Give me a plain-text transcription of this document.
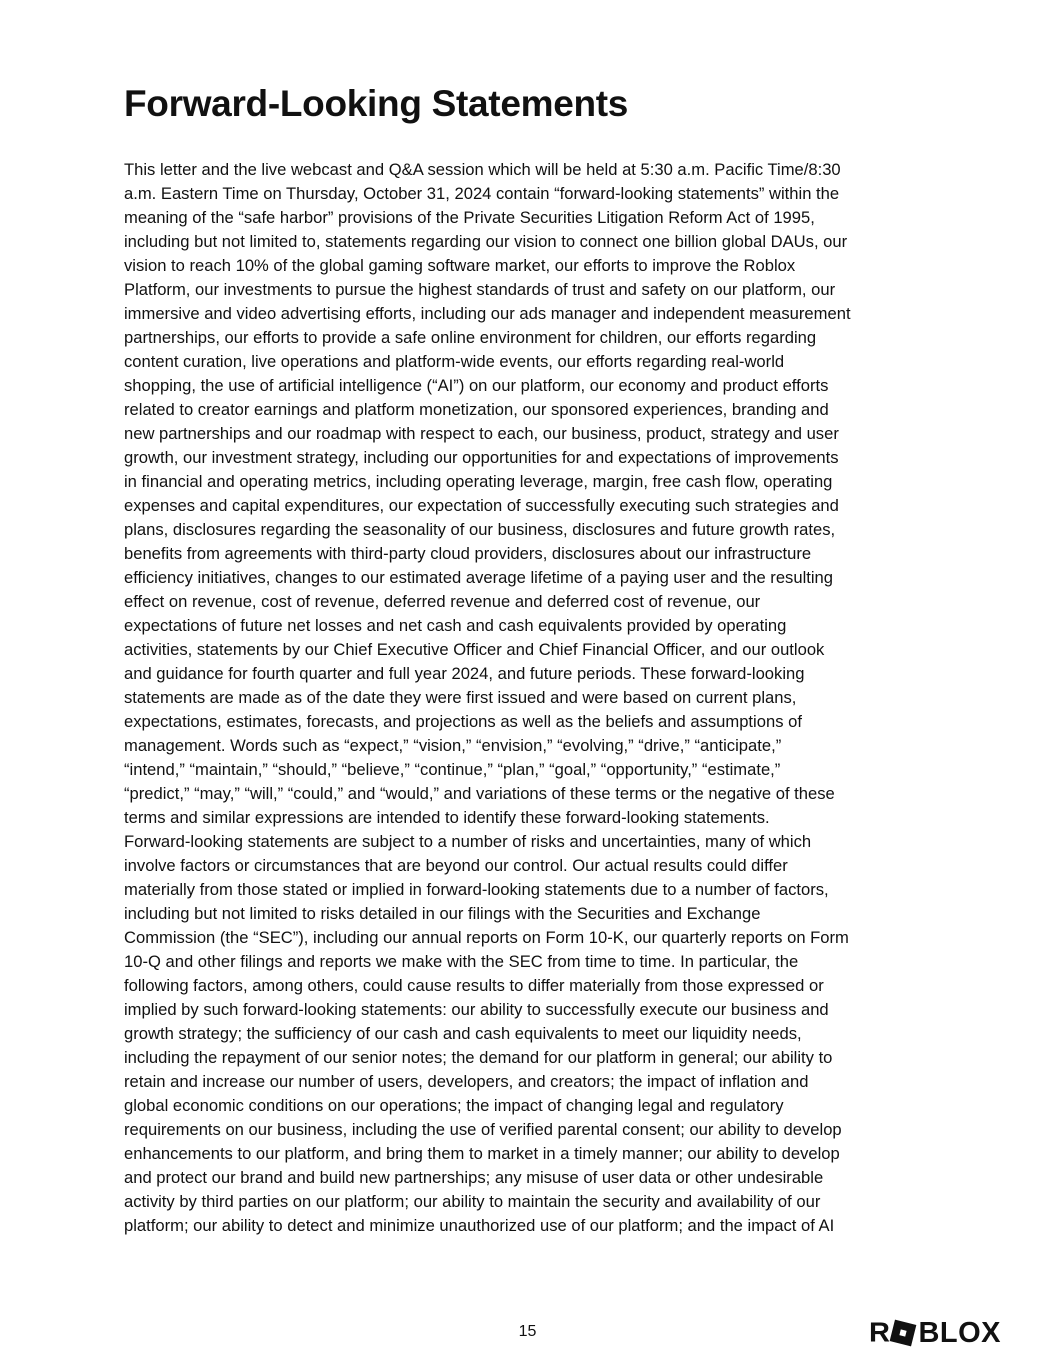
Forward-Looking Statements
This letter and the live webcast and Q&A session which will be held at 5:30 a.m. Pacific Time/8:30
a.m. Eastern Time on Thursday, October 31, 2024 contain “forward-looking statements” within the
meaning of the “safe harbor” provisions of the Private Securities Litigation Reform Act of 1995,
including but not limited to, statements regarding our vision to connect one billion global DAUs, our
vision to reach 10% of the global gaming software market, our efforts to improve the Roblox
Platform, our investments to pursue the highest standards of trust and safety on our platform, our
immersive and video advertising efforts, including our ads manager and independent measurement
partnerships, our efforts to provide a safe online environment for children, our efforts regarding
content curation, live operations and platform-wide events, our efforts regarding real-world
shopping, the use of artificial intelligence (“AI”) on our platform, our economy and product efforts
related to creator earnings and platform monetization, our sponsored experiences, branding and
new partnerships and our roadmap with respect to each, our business, product, strategy and user
growth, our investment strategy, including our opportunities for and expectations of improvements
in financial and operating metrics, including operating leverage, margin, free cash flow, operating
expenses and capital expenditures, our expectation of successfully executing such strategies and
plans, disclosures regarding the seasonality of our business, disclosures and future growth rates,
benefits from agreements with third-party cloud providers, disclosures about our infrastructure
efficiency initiatives, changes to our estimated average lifetime of a paying user and the resulting
effect on revenue, cost of revenue, deferred revenue and deferred cost of revenue, our
expectations of future net losses and net cash and cash equivalents provided by operating
activities, statements by our Chief Executive Officer and Chief Financial Officer, and our outlook
and guidance for fourth quarter and full year 2024, and future periods. These forward-looking
statements are made as of the date they were first issued and were based on current plans,
expectations, estimates, forecasts, and projections as well as the beliefs and assumptions of
management. Words such as “expect,” “vision,” “envision,” “evolving,” “drive,” “anticipate,”
“intend,” “maintain,” “should,” “believe,” “continue,” “plan,” “goal,” “opportunity,” “estimate,”
“predict,” “may,” “will,” “could,” and “would,” and variations of these terms or the negative of these
terms and similar expressions are intended to identify these forward-looking statements.
Forward-looking statements are subject to a number of risks and uncertainties, many of which
involve factors or circumstances that are beyond our control. Our actual results could differ
materially from those stated or implied in forward-looking statements due to a number of factors,
including but not limited to risks detailed in our filings with the Securities and Exchange
Commission (the “SEC”), including our annual reports on Form 10-K, our quarterly reports on Form
10-Q and other filings and reports we make with the SEC from time to time. In particular, the
following factors, among others, could cause results to differ materially from those expressed or
implied by such forward-looking statements: our ability to successfully execute our business and
growth strategy; the sufficiency of our cash and cash equivalents to meet our liquidity needs,
including the repayment of our senior notes; the demand for our platform in general; our ability to
retain and increase our number of users, developers, and creators; the impact of inflation and
global economic conditions on our operations; the impact of changing legal and regulatory
requirements on our business, including the use of verified parental consent; our ability to develop
enhancements to our platform, and bring them to market in a timely manner; our ability to develop
and protect our brand and build new partnerships; any misuse of user data or other undesirable
activity by third parties on our platform; our ability to maintain the security and availability of our
platform; our ability to detect and minimize unauthorized use of our platform; and the impact of AI
15	R BLOX
